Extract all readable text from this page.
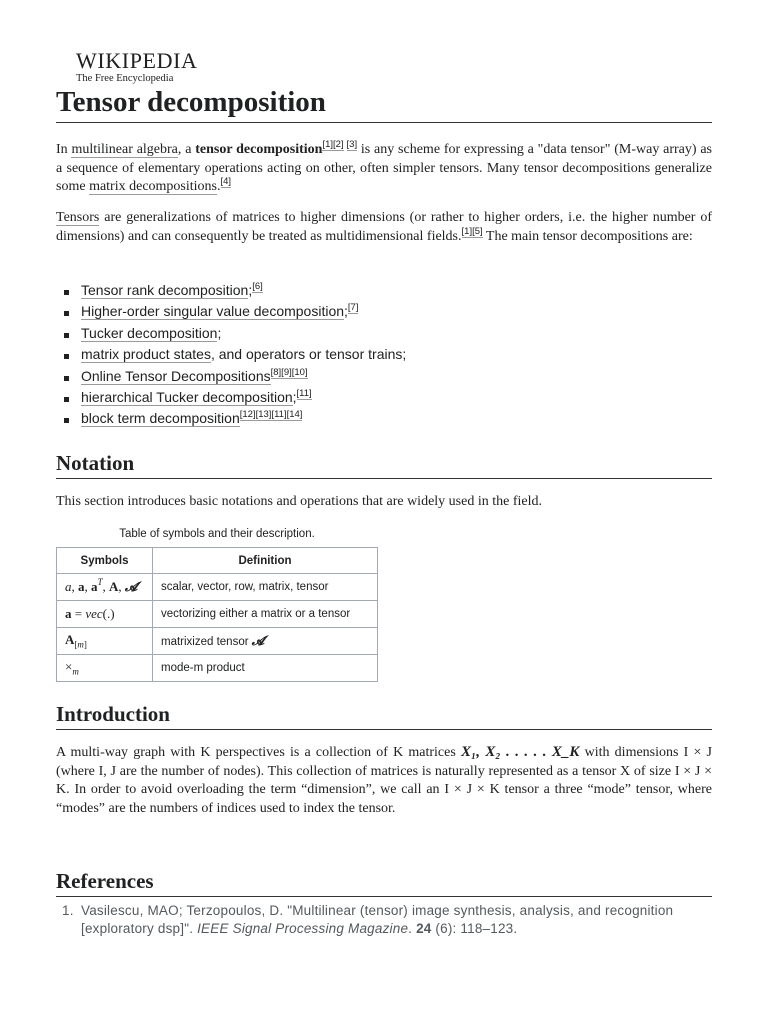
WIKIPEDIA
The Free Encyclopedia
Tensor decomposition

In multilinear algebra, a tensor decomposition[1][2] [3] is any scheme for expressing a "data tensor" (M-way array) as a sequence of elementary operations acting on other, often simpler tensors. Many tensor decompositions generalize some matrix decompositions.[4]

Tensors are generalizations of matrices to higher dimensions (or rather to higher orders, i.e. the higher number of dimensions) and can consequently be treated as multidimensional fields.[1][5] The main tensor decompositions are:

Tensor rank decomposition;[6]
Higher-order singular value decomposition;[7]
Tucker decomposition;
matrix product states, and operators or tensor trains;
Online Tensor Decompositions[8][9][10]
hierarchical Tucker decomposition;[11]
block term decomposition[12][13][11][14]
Notation

This section introduces basic notations and operations that are widely used in the field.

Table of symbols and their description.
Symbols	Definition
a, a, $a^T$, A, 𝓐	scalar, vector, row, matrix, tensor
a = vec(.)	vectorizing either a matrix or a tensor
$A_{[m]}$	matrixized tensor 𝓐
$\times_m$	mode-m product
Introduction

A multi-way graph with K perspectives is a collection of K matrices X₁, X₂ . . . . . X_K with dimensions I × J (where I, J are the number of nodes). This collection of matrices is naturally represented as a tensor X of size I × J × K. In order to avoid overloading the term “dimension”, we call an I × J × K tensor a three “mode” tensor, where “modes” are the numbers of indices used to index the tensor.

References
1. Vasilescu, MAO; Terzopoulos, D. "Multilinear (tensor) image synthesis, analysis, and recognition [exploratory dsp]". IEEE Signal Processing Magazine. 24 (6): 118–123.
